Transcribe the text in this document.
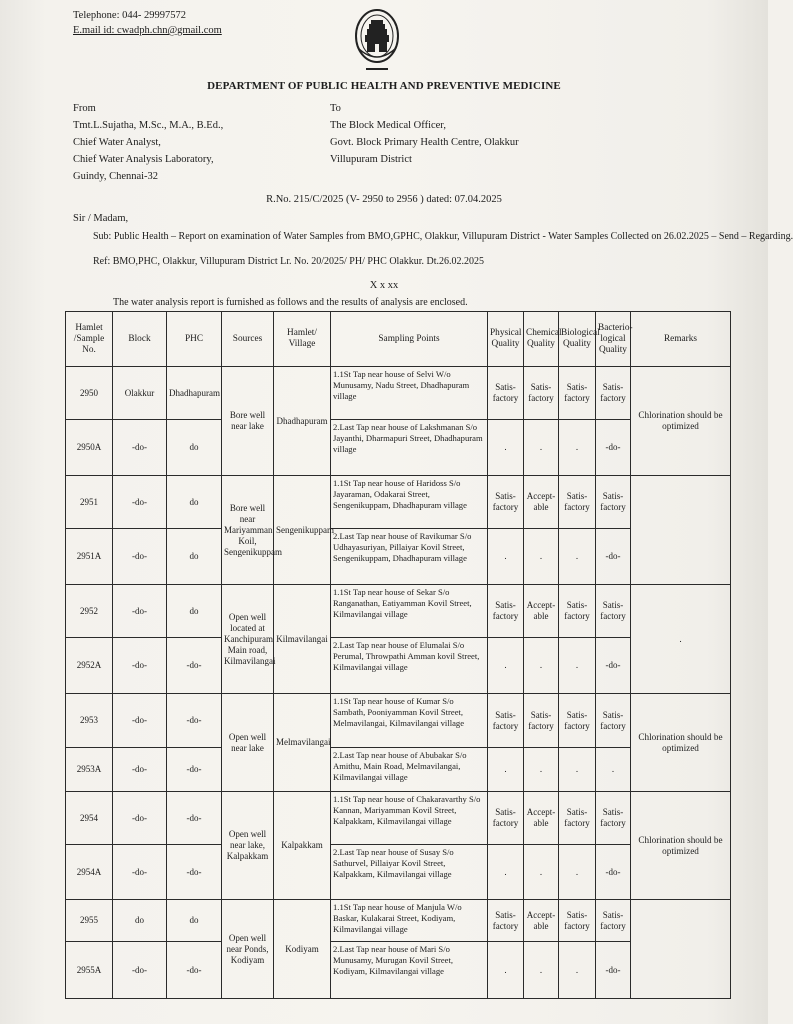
Telephone: 044- 29997572
E.mail id: cwadph.chn@gmail.com
DEPARTMENT OF PUBLIC HEALTH AND PREVENTIVE MEDICINE
From
Tmt.L.Sujatha, M.Sc., M.A., B.Ed.,
Chief Water Analyst,
Chief Water Analysis Laboratory,
Guindy, Chennai-32
To
The Block Medical Officer,
Govt. Block Primary Health Centre, Olakkur
Villupuram District
R.No. 215/C/2025 (V- 2950 to 2956 ) dated: 07.04.2025
Sir / Madam,
Sub: Public Health – Report on examination of Water Samples from BMO,GPHC, Olakkur, Villupuram District - Water Samples Collected on 26.02.2025 – Send – Regarding.
Ref: BMO,PHC, Olakkur, Villupuram District Lr. No. 20/2025/ PH/ PHC Olakkur. Dt.26.02.2025
X x xx
The water analysis report is furnished as follows and the results of analysis are enclosed.
Hamlet /Sample No.	Block	PHC	Sources	Hamlet/ Village	Sampling Points	Physical Quality	Chemical Quality	Biological Quality	Bacterio-logical Quality	Remarks
2950	Olakkur	Dhadhapuram	Bore well near lake	Dhadhapuram	1.1St Tap near house of Selvi W/o Munusamy, Nadu Street, Dhadhapuram village	Satis-factory	Satis-factory	Satis-factory	Satis-factory	Chlorination should be optimized
2950A	-do-	do			2.Last Tap near house of Lakshmanan S/o Jayanthi, Dharmapuri Street, Dhadhapuram village	.	.	.	-do-	
2951	-do-	do	Bore well near Mariyamman Koil, Sengenikuppam	Sengenikuppam	1.1St Tap near house of Haridoss S/o Jayaraman, Odakarai Street, Sengenikuppam, Dhadhapuram village	Satis-factory	Accept-able	Satis-factory	Satis-factory	
2951A	-do-	do			2.Last Tap near house of Ravikumar S/o Udhayasuriyan, Pillaiyar Kovil Street, Sengenikuppam, Dhadhapuram village	.	.	.	-do-	
2952	-do-	do	Open well located at Kanchipuram Main road, Kilmavilangai	Kilmavilangai	1.1St Tap near house of Sekar S/o Ranganathan, Eatiyamman Kovil Street, Kilmavilangai village	Satis-factory	Accept-able	Satis-factory	Satis-factory	.
2952A	-do-	-do-			2.Last Tap near house of Elumalai S/o Perumal, Throwpathi Amman kovil Street, Kilmavilangai village	.	.	.	-do-	
2953	-do-	-do-	Open well near lake	Melmavilangai	1.1St Tap near house of Kumar S/o Sambath, Pooniyamman Kovil Street, Melmavilangai, Kilmavilangai village	Satis-factory	Satis-factory	Satis-factory	Satis-factory	Chlorination should be optimized
2953A	-do-	-do-			2.Last Tap near house of Abubakar S/o Amithu, Main Road, Melmavilangai, Kilmavilangai village	.	.	.	.	
2954	-do-	-do-	Open well near lake, Kalpakkam	Kalpakkam	1.1St Tap near house of Chakaravarthy S/o Kannan, Mariyamman Kovil Street, Kalpakkam, Kilmavilangai village	Satis-factory	Accept-able	Satis-factory	Satis-factory	Chlorination should be optimized
2954A	-do-	-do-			2.Last Tap near house of Susay S/o Sathurvel, Pillaiyar Kovil Street, Kalpakkam, Kilmavilangai village	.	.	.	-do-	
2955	do	do	Open well near Ponds, Kodiyam	Kodiyam	1.1St Tap near house of Manjula W/o Baskar, Kulakarai Street, Kodiyam, Kilmavilangai village	Satis-factory	Accept-able	Satis-factory	Satis-factory	
2955A	-do-	-do-			2.Last Tap near house of Mari S/o Munusamy, Murugan Kovil Street, Kodiyam, Kilmavilangai village	.	.	.	-do-	
